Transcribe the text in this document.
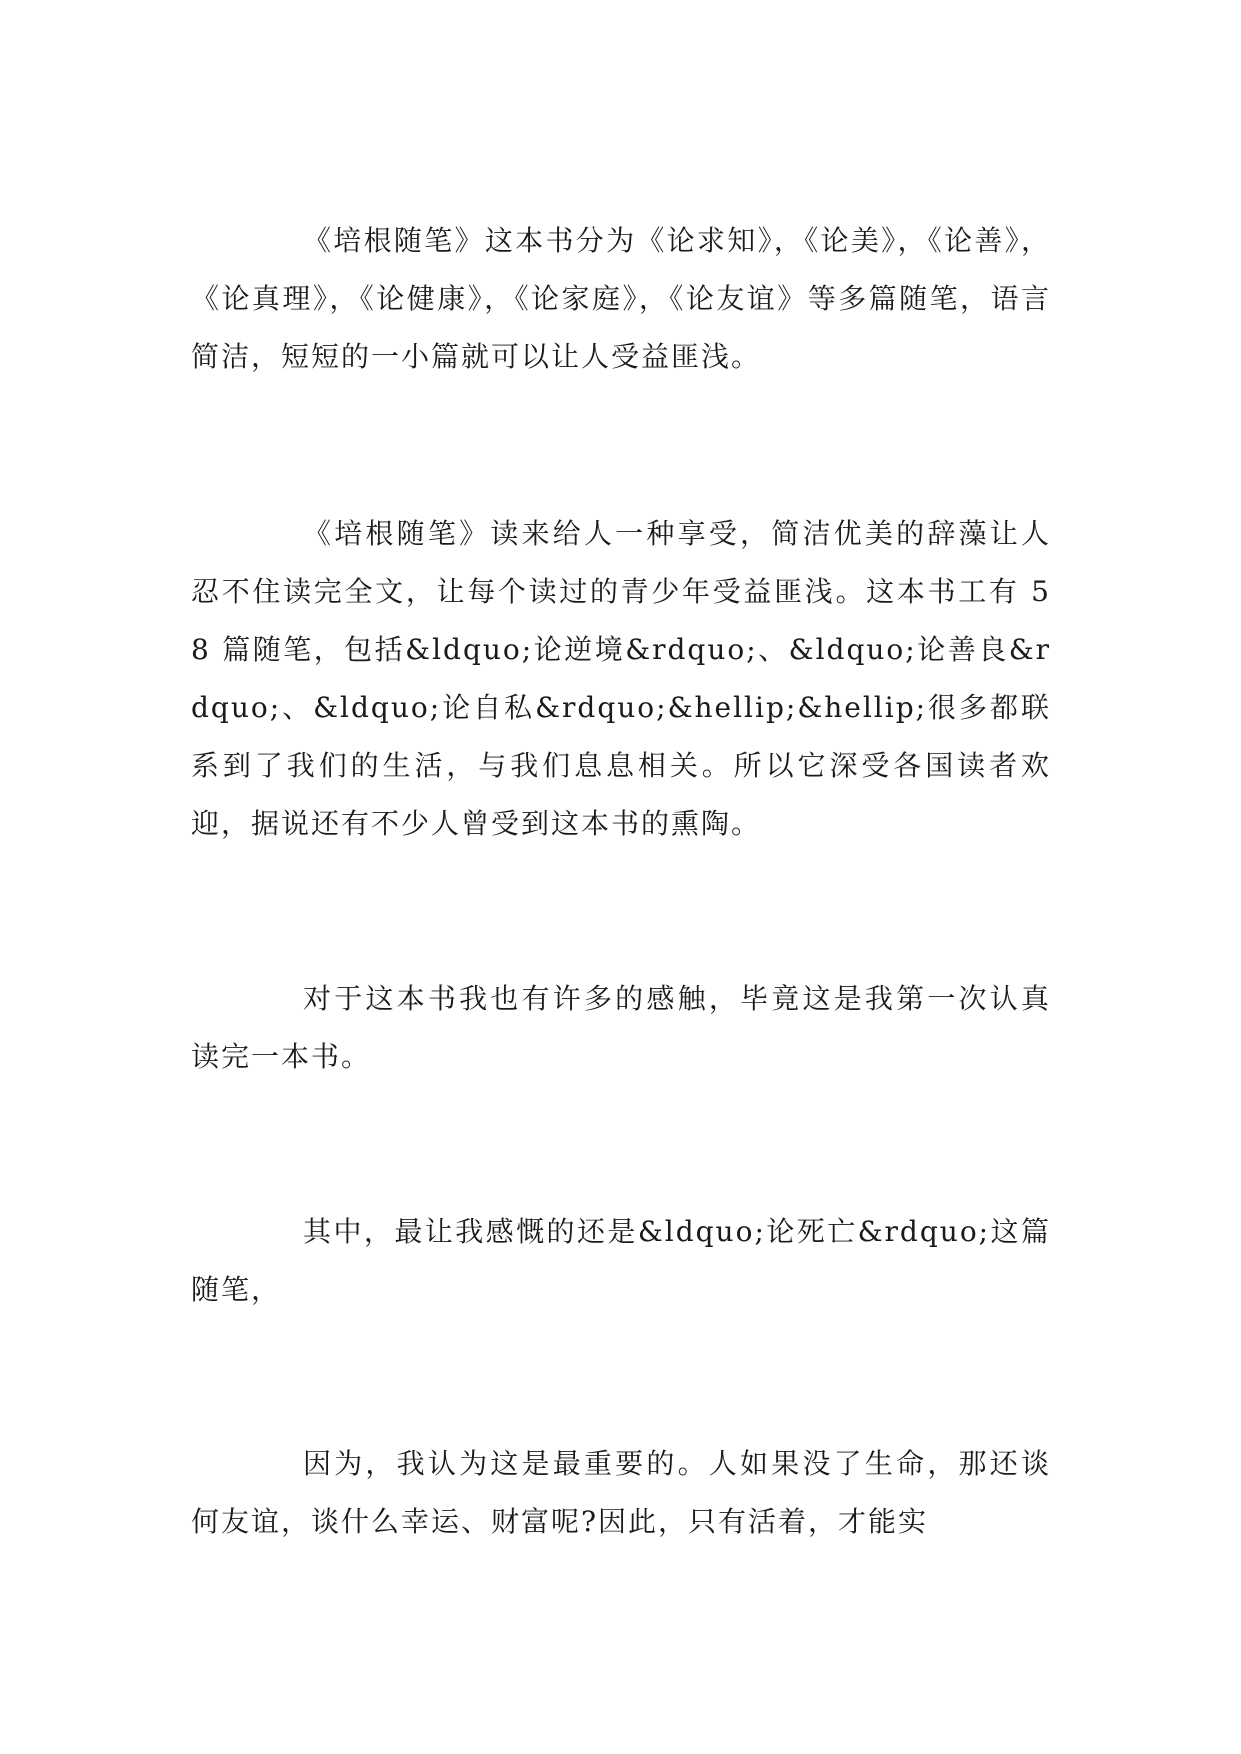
《培根随笔》这本书分为《论求知》，《论美》，《论善》，《论真理》，《论健康》，《论家庭》，《论友谊》等多篇随笔，语言简洁，短短的一小篇就可以让人受益匪浅。

《培根随笔》读来给人一种享受，简洁优美的辞藻让人忍不住读完全文，让每个读过的青少年受益匪浅。这本书工有 58 篇随笔，包括&ldquo;论逆境&rdquo;、&ldquo;论善良&rdquo;、&ldquo;论自私&rdquo;&hellip;&hellip;很多都联系到了我们的生活，与我们息息相关。所以它深受各国读者欢迎，据说还有不少人曾受到这本书的熏陶。

对于这本书我也有许多的感触，毕竟这是我第一次认真读完一本书。

其中，最让我感慨的还是&ldquo;论死亡&rdquo;这篇随笔，

因为，我认为这是最重要的。人如果没了生命，那还谈何友谊，谈什么幸运、财富呢?因此，只有活着，才能实
